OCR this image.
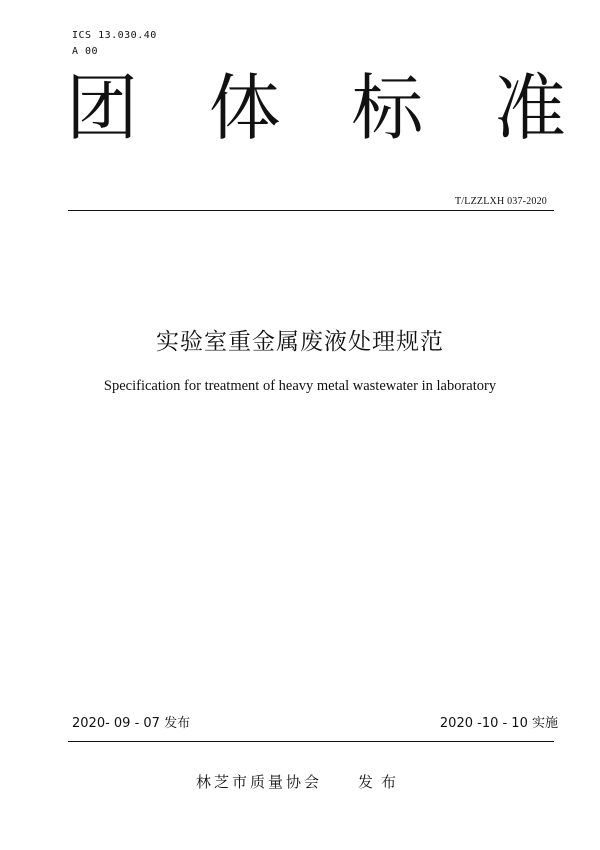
ICS 13.030.40
A 00
团 体 标 准
T/LZZLXH 037-2020
实验室重金属废液处理规范
Specification for treatment of heavy metal wastewater in laboratory
2020- 09 - 07 发布	2020 -10 - 10 实施
林芝市质量协会 发布
